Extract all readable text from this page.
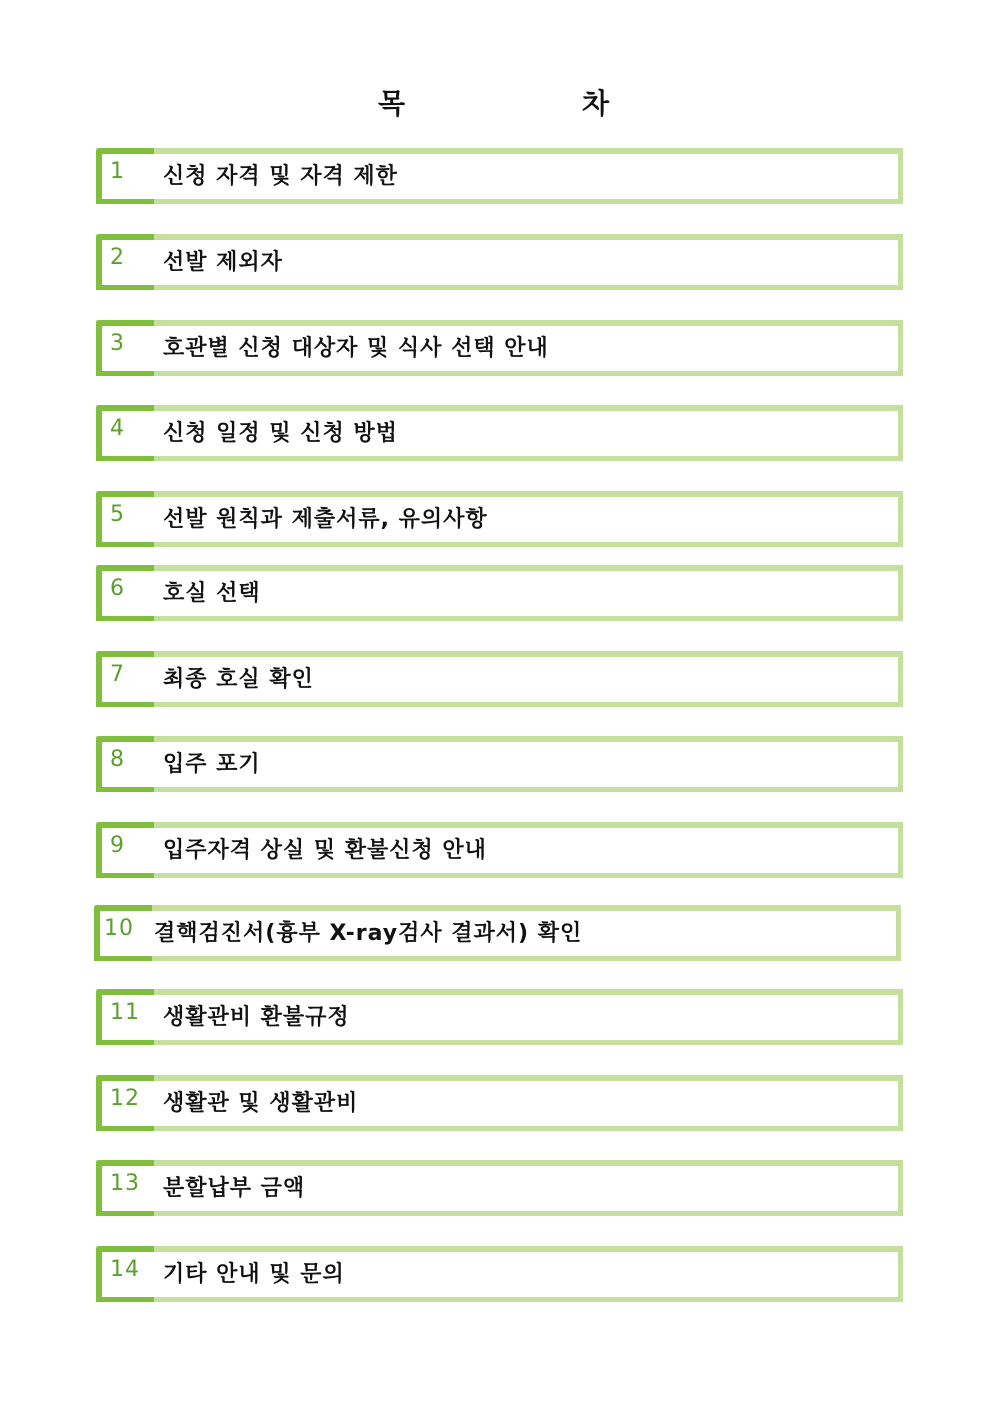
목	차
1	신청 자격 및 자격 제한
2	선발 제외자
3	호관별 신청 대상자 및 식사 선택 안내
4	신청 일정 및 신청 방법
5	선발 원칙과 제출서류, 유의사항
6	호실 선택
7	최종 호실 확인
8	입주 포기
9	입주자격 상실 및 환불신청 안내
10 결핵검진서(흉부 X-ray검사 결과서) 확인
11	생활관비 환불규정
12	생활관 및 생활관비
13	분할납부 금액
14	기타 안내 및 문의
